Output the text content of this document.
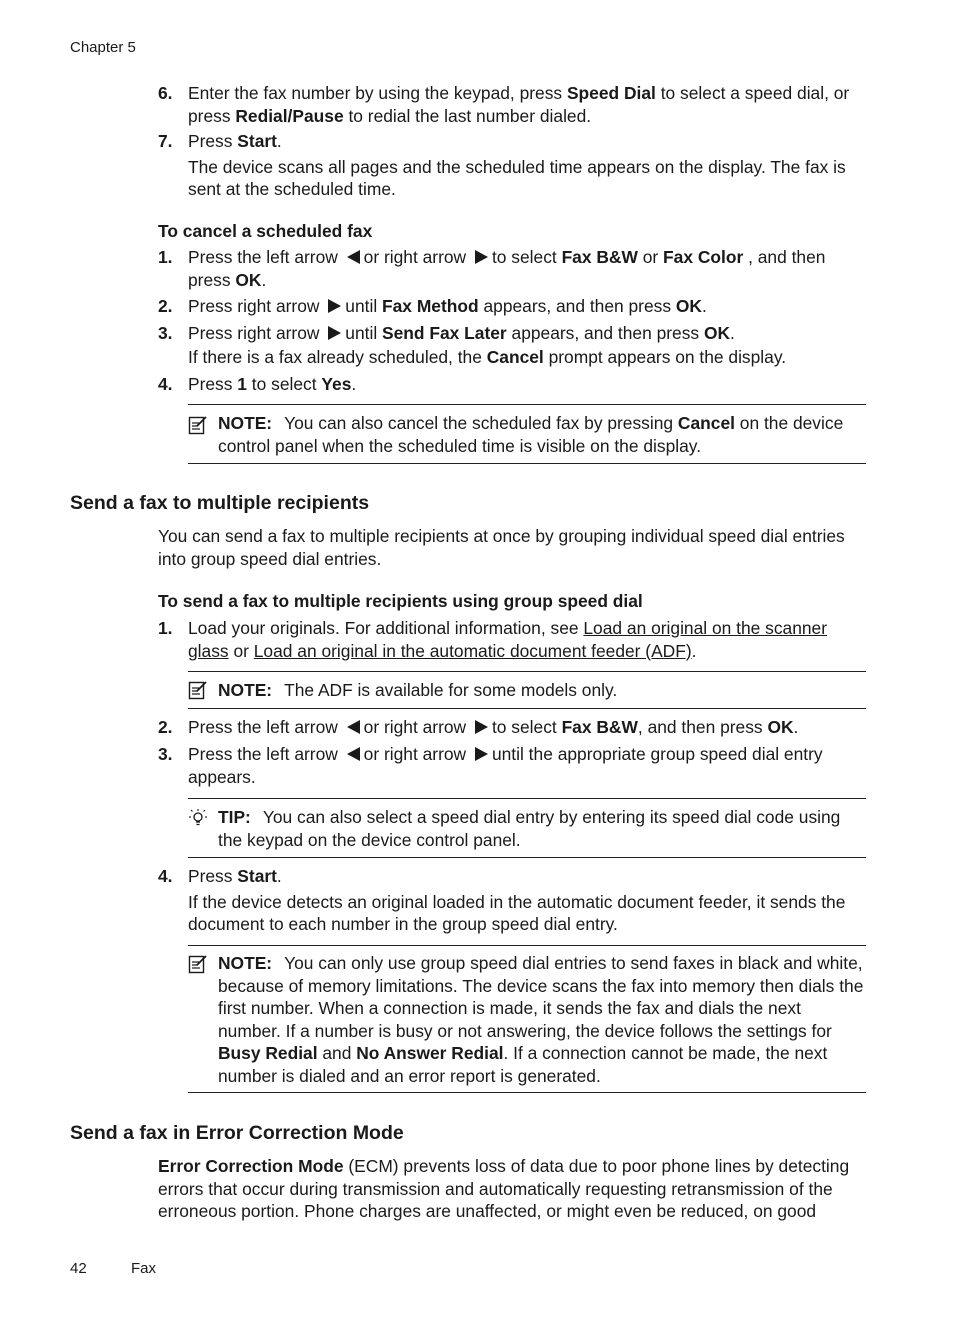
Chapter 5
6. Enter the fax number by using the keypad, press Speed Dial to select a speed dial, or press Redial/Pause to redial the last number dialed.
7. Press Start.

The device scans all pages and the scheduled time appears on the display. The fax is sent at the scheduled time.

To cancel a scheduled fax
1. Press the left arrow or right arrow to select Fax B&W or Fax Color , and then press OK.
2. Press right arrow until Fax Method appears, and then press OK.
3. Press right arrow until Send Fax Later appears, and then press OK.

If there is a fax already scheduled, the Cancel prompt appears on the display.

4. Press 1 to select Yes.
NOTE: You can also cancel the scheduled fax by pressing Cancel on the device control panel when the scheduled time is visible on the display.
Send a fax to multiple recipients
You can send a fax to multiple recipients at once by grouping individual speed dial entries into group speed dial entries.
To send a fax to multiple recipients using group speed dial
1. Load your originals. For additional information, see Load an original on the scanner glass or Load an original in the automatic document feeder (ADF).
NOTE: The ADF is available for some models only.
2. Press the left arrow or right arrow to select Fax B&W, and then press OK.
3. Press the left arrow or right arrow until the appropriate group speed dial entry appears.
TIP: You can also select a speed dial entry by entering its speed dial code using the keypad on the device control panel.
4. Press Start.

If the device detects an original loaded in the automatic document feeder, it sends the document to each number in the group speed dial entry.

NOTE: You can only use group speed dial entries to send faxes in black and white, because of memory limitations. The device scans the fax into memory then dials the first number. When a connection is made, it sends the fax and dials the next number. If a number is busy or not answering, the device follows the settings for Busy Redial and No Answer Redial. If a connection cannot be made, the next number is dialed and an error report is generated.
Send a fax in Error Correction Mode
Error Correction Mode (ECM) prevents loss of data due to poor phone lines by detecting errors that occur during transmission and automatically requesting retransmission of the erroneous portion. Phone charges are unaffected, or might even be reduced, on good
42	Fax
